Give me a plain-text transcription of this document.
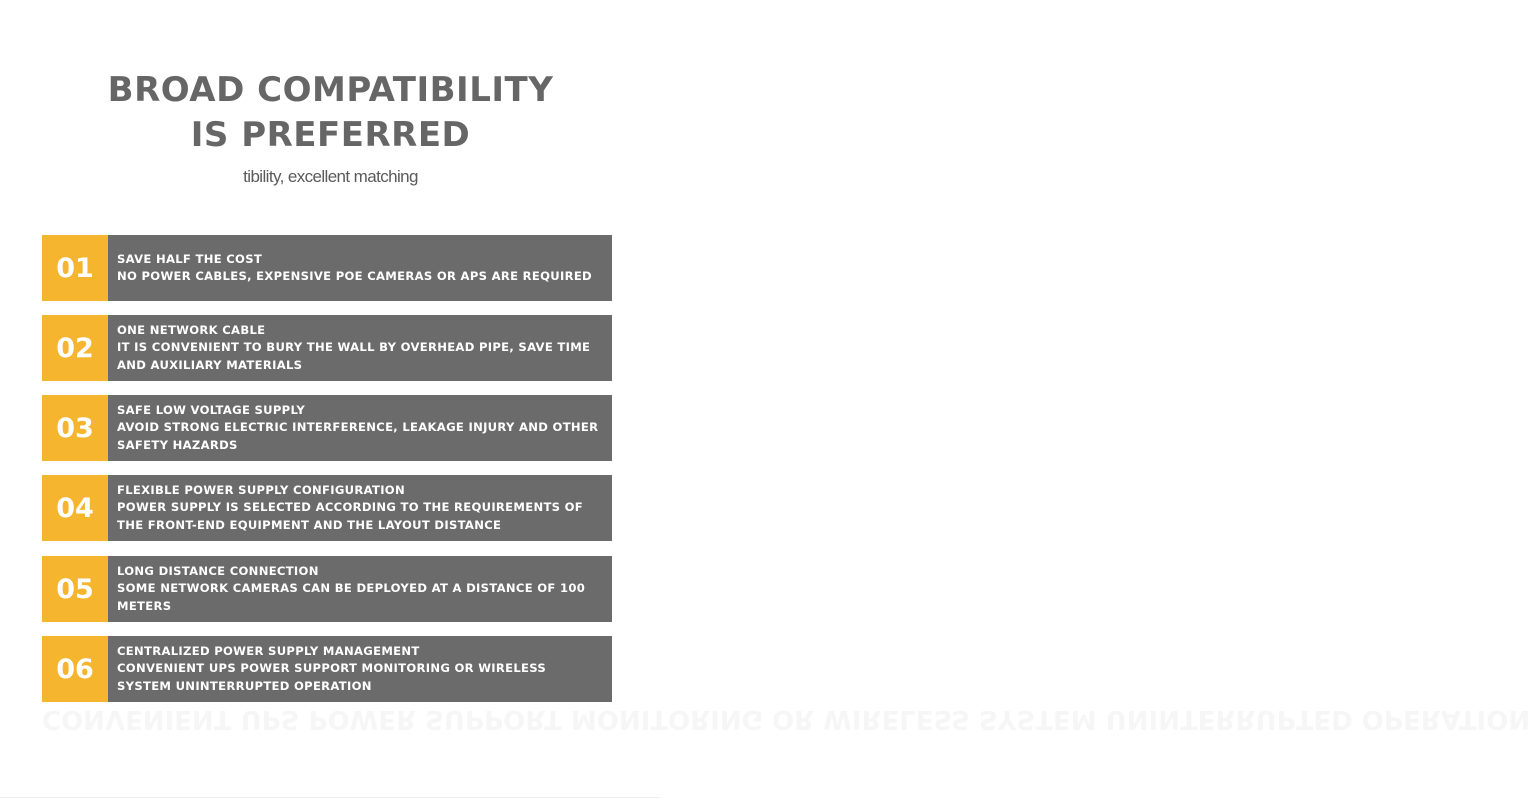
BROAD COMPATIBILITY
IS PREFERRED
tibility, excellent matching
01	SAVE HALF THE COST
NO POWER CABLES, EXPENSIVE POE CAMERAS OR APS ARE REQUIRED
02
ONE NETWORK CABLE
IT IS CONVENIENT TO BURY THE WALL BY OVERHEAD PIPE, SAVE TIME AND AUXILIARY MATERIALS
03
SAFE LOW VOLTAGE SUPPLY
AVOID STRONG ELECTRIC INTERFERENCE, LEAKAGE INJURY AND OTHER SAFETY HAZARDS
04
FLEXIBLE POWER SUPPLY CONFIGURATION
POWER SUPPLY IS SELECTED ACCORDING TO THE REQUIREMENTS OF THE FRONT-END EQUIPMENT AND THE LAYOUT DISTANCE
05
LONG DISTANCE CONNECTION
SOME NETWORK CAMERAS CAN BE DEPLOYED AT A DISTANCE OF 100 METERS
06
CENTRALIZED POWER SUPPLY MANAGEMENT
CONVENIENT UPS POWER SUPPORT MONITORING OR WIRELESS SYSTEM UNINTERRUPTED OPERATION
CONVENIENT UPS POWER SUPPORT MONITORING OR WIRELESS SYSTEM UNINTERRUPTED OPERATION
